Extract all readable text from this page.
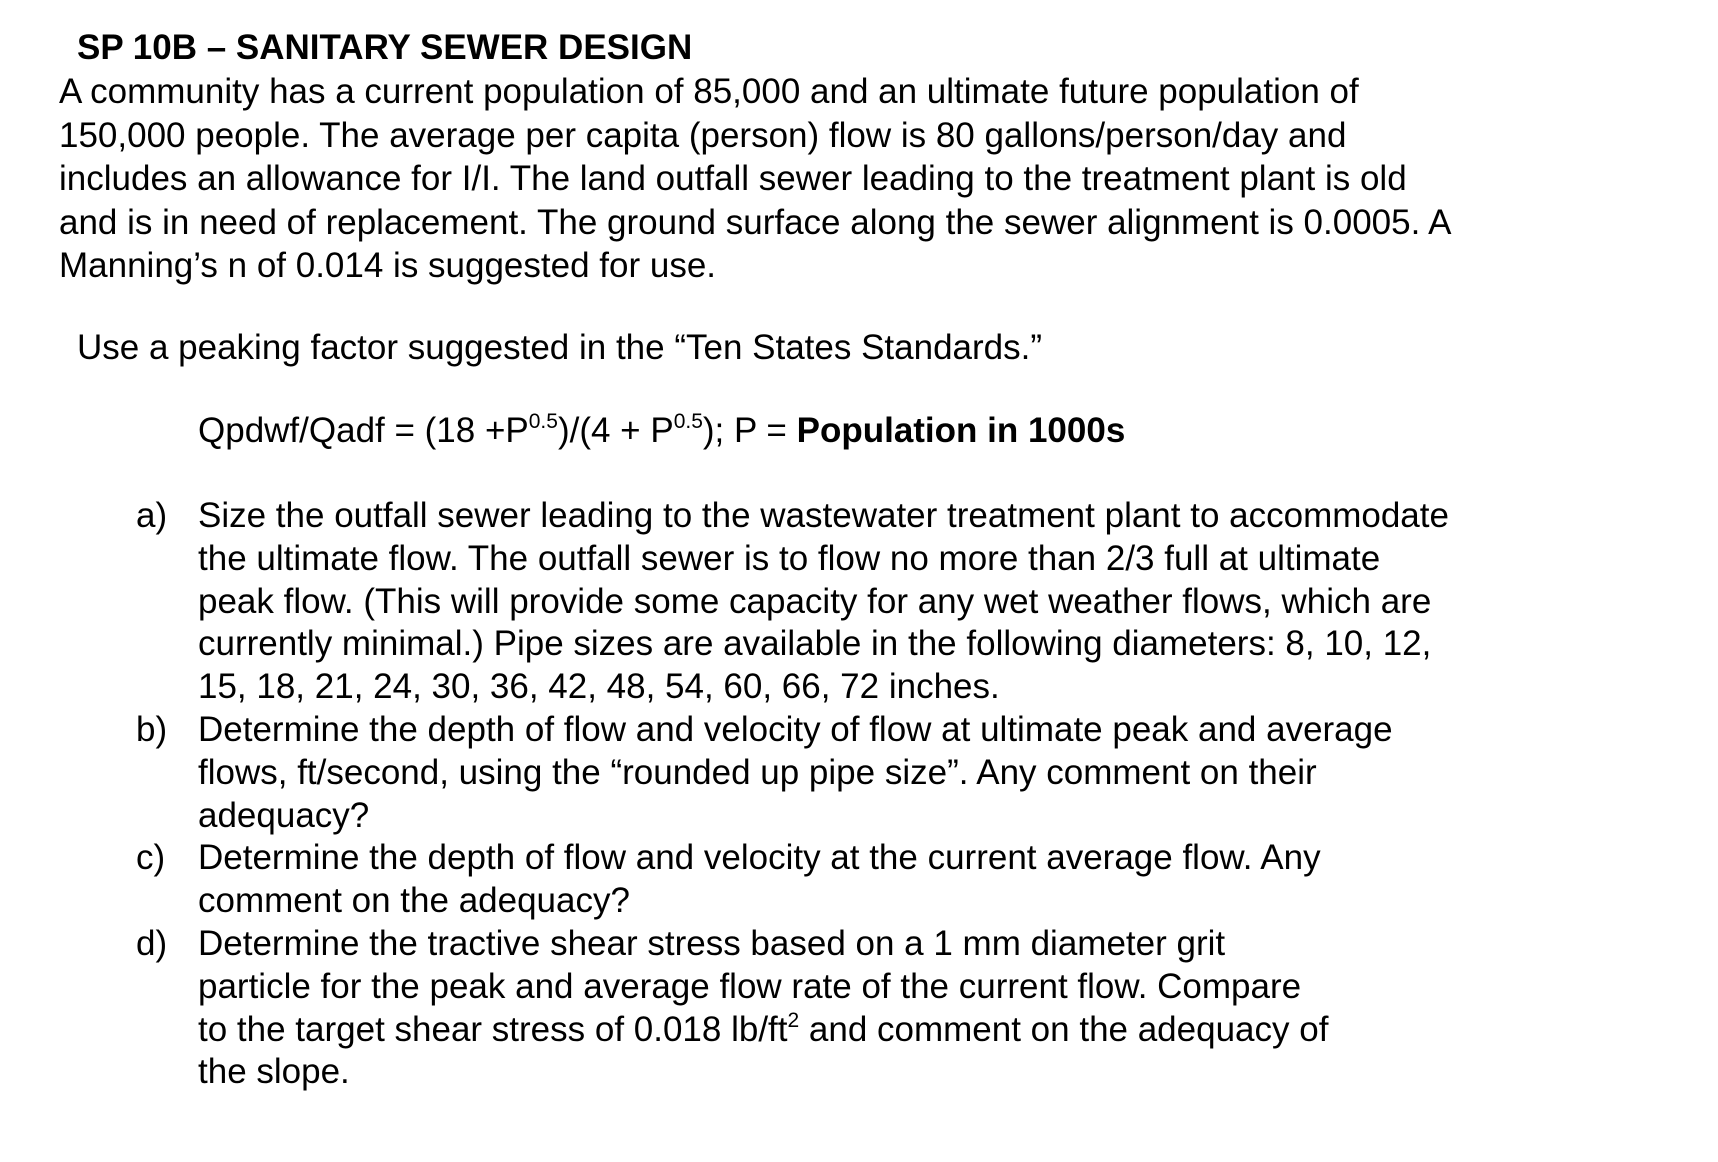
SP 10B – SANITARY SEWER DESIGN
A community has a current population of 85,000 and an ultimate future population of
150,000 people. The average per capita (person) flow is 80 gallons/person/day and
includes an allowance for I/I. The land outfall sewer leading to the treatment plant is old
and is in need of replacement. The ground surface along the sewer alignment is 0.0005. A
Manning’s n of 0.014 is suggested for use.
Use a peaking factor suggested in the “Ten States Standards.”
Qpdwf/Qadf = $(18 +P^{0.5})/(4 + P^{0.5})$; P = Population in 1000s
a) Size the outfall sewer leading to the wastewater treatment plant to accommodate
the ultimate flow. The outfall sewer is to flow no more than 2/3 full at ultimate
peak flow. (This will provide some capacity for any wet weather flows, which are
currently minimal.) Pipe sizes are available in the following diameters: 8, 10, 12,
15, 18, 21, 24, 30, 36, 42, 48, 54, 60, 66, 72 inches.
b) Determine the depth of flow and velocity of flow at ultimate peak and average
flows, ft/second, using the “rounded up pipe size”. Any comment on their
adequacy?
c) Determine the depth of flow and velocity at the current average flow. Any
comment on the adequacy?
d) Determine the tractive shear stress based on a 1 mm diameter grit
particle for the peak and average flow rate of the current flow. Compare
to the target shear stress of 0.018 $lb/ft^2$ and comment on the adequacy of
the slope.
